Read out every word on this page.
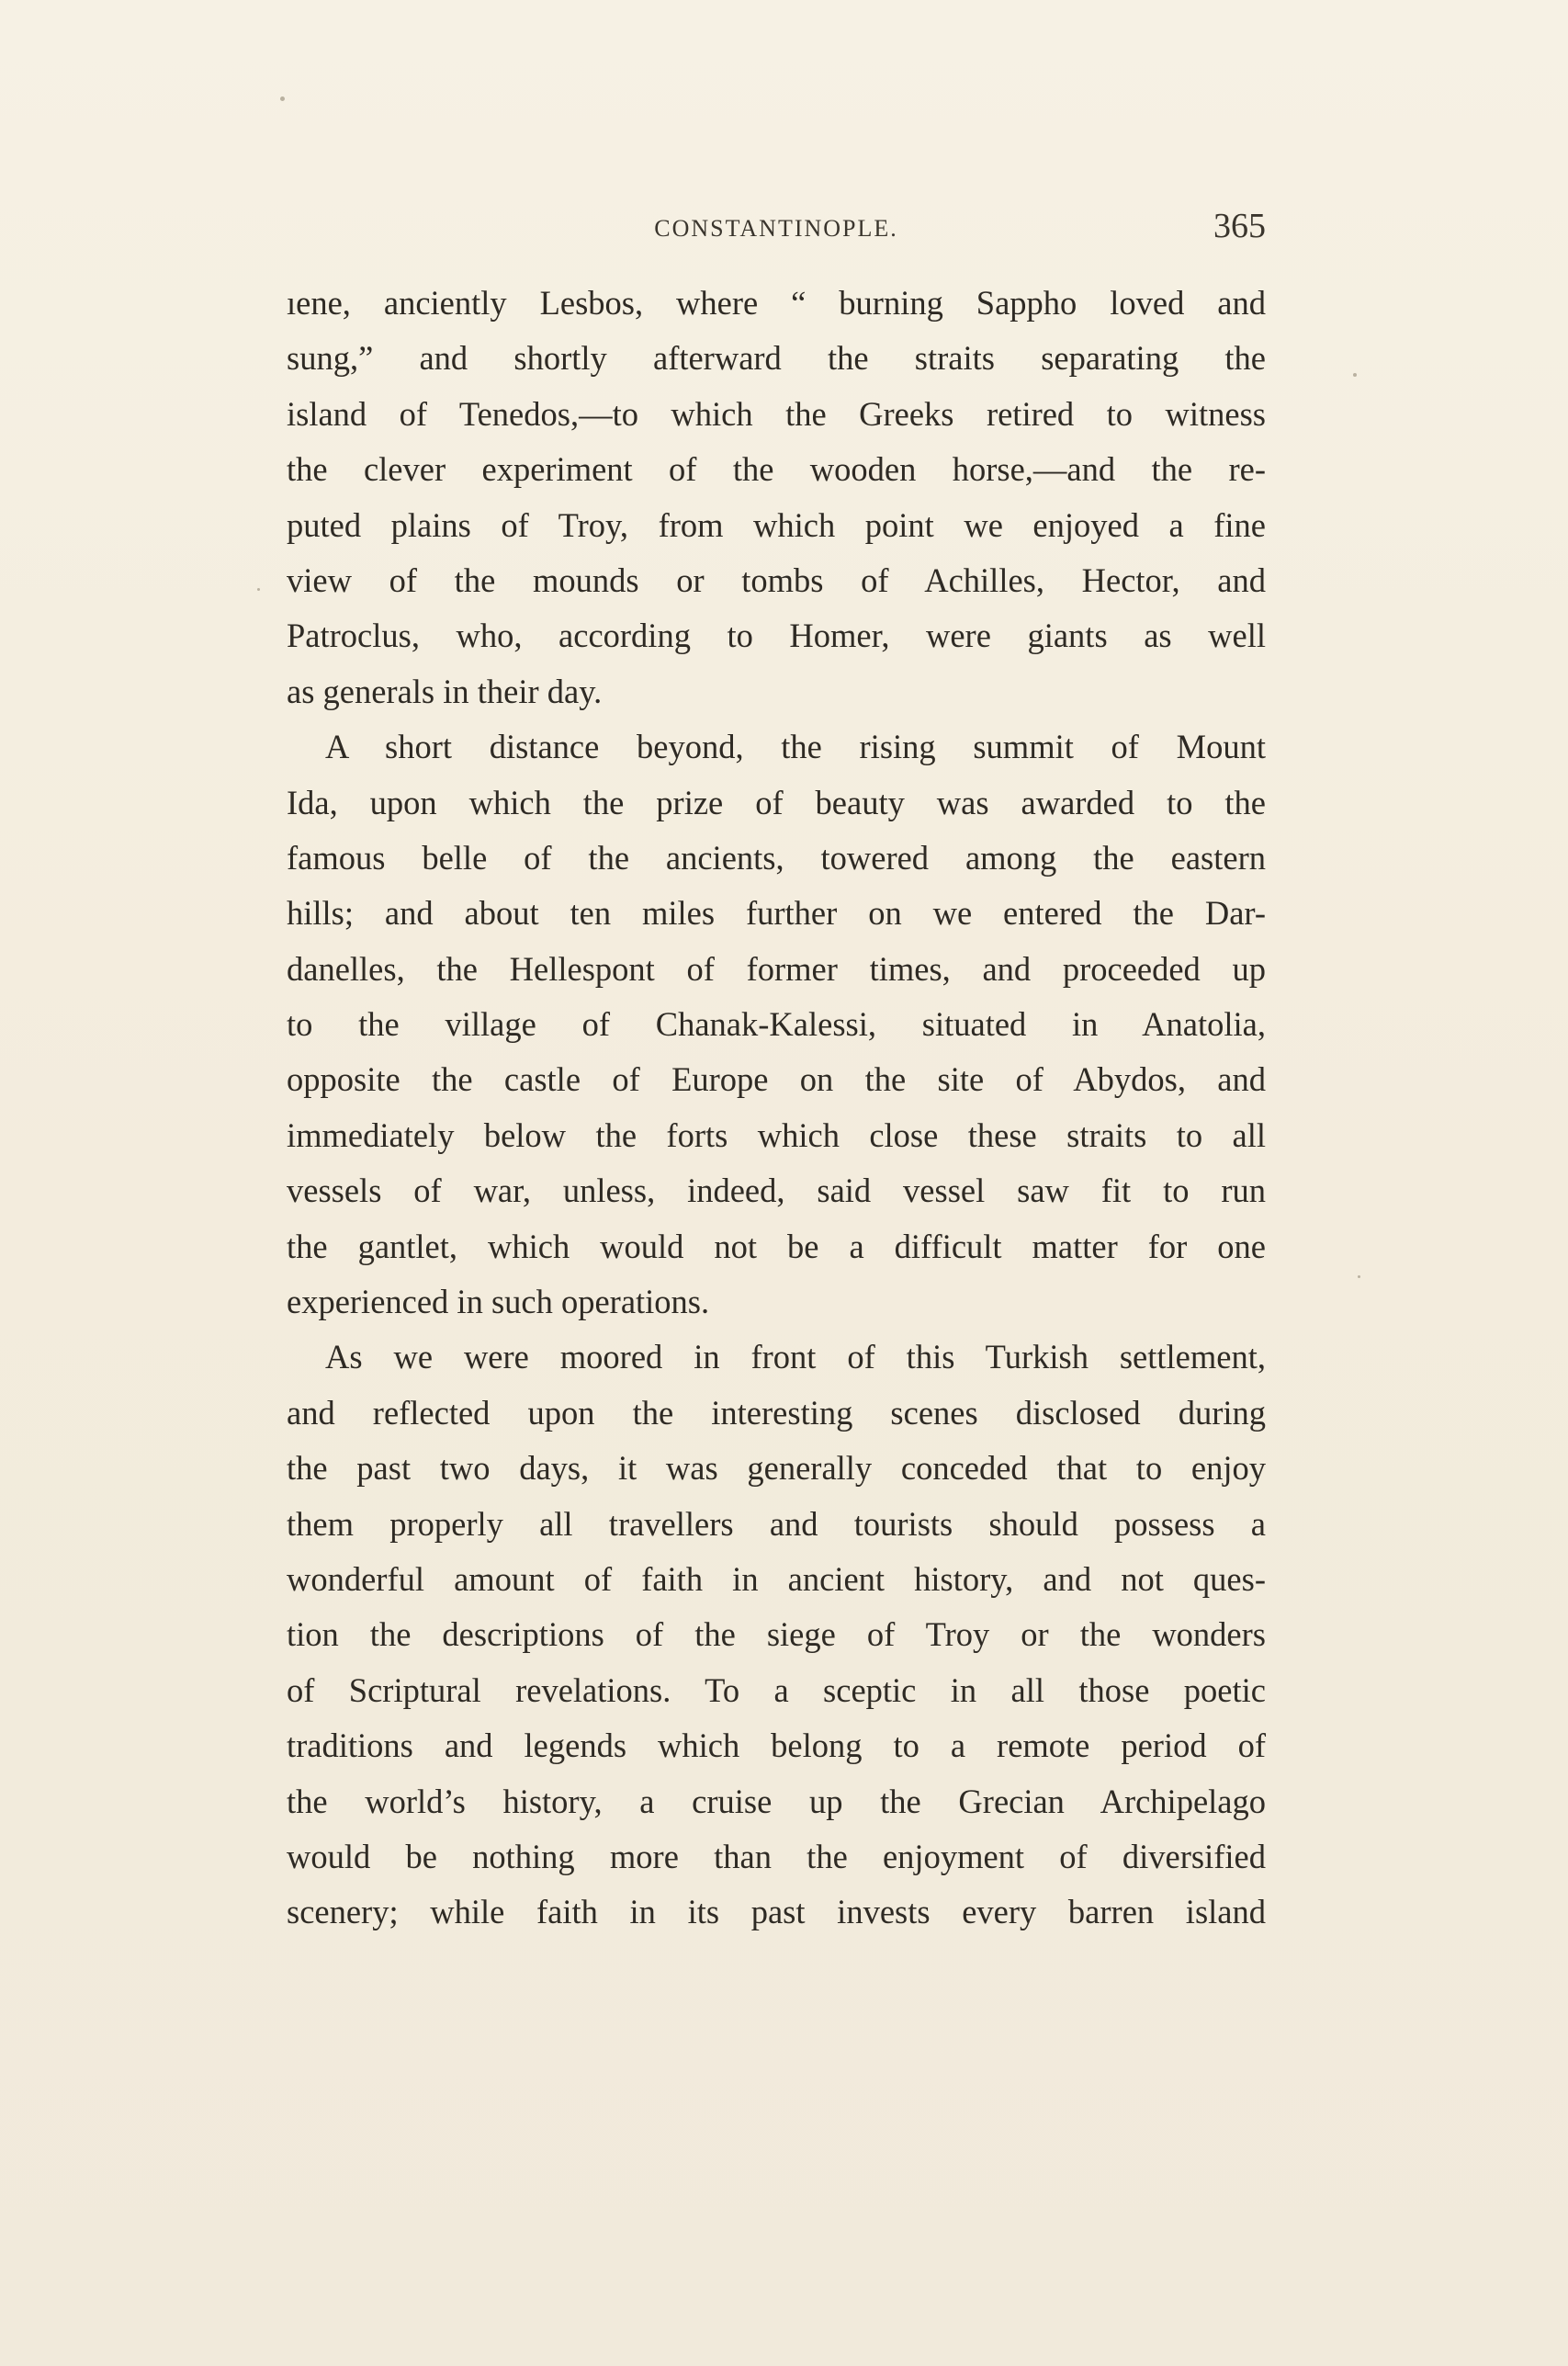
CONSTANTINOPLE.	365
ıene, anciently Lesbos, where “ burning Sappho loved and
sung,” and shortly afterward the straits separating the
island of Tenedos,—to which the Greeks retired to witness
the clever experiment of the wooden horse,—and the re-
puted plains of Troy, from which point we enjoyed a fine
view of the mounds or tombs of Achilles, Hector, and
Patroclus, who, according to Homer, were giants as well
as generals in their day.
A short distance beyond, the rising summit of Mount
Ida, upon which the prize of beauty was awarded to the
famous belle of the ancients, towered among the eastern
hills; and about ten miles further on we entered the Dar-
danelles, the Hellespont of former times, and proceeded up
to the village of Chanak-Kalessi, situated in Anatolia,
opposite the castle of Europe on the site of Abydos, and
immediately below the forts which close these straits to all
vessels of war, unless, indeed, said vessel saw fit to run
the gantlet, which would not be a difficult matter for one
experienced in such operations.
As we were moored in front of this Turkish settlement,
and reflected upon the interesting scenes disclosed during
the past two days, it was generally conceded that to enjoy
them properly all travellers and tourists should possess a
wonderful amount of faith in ancient history, and not ques-
tion the descriptions of the siege of Troy or the wonders
of Scriptural revelations. To a sceptic in all those poetic
traditions and legends which belong to a remote period of
the world’s history, a cruise up the Grecian Archipelago
would be nothing more than the enjoyment of diversified
scenery; while faith in its past invests every barren island
